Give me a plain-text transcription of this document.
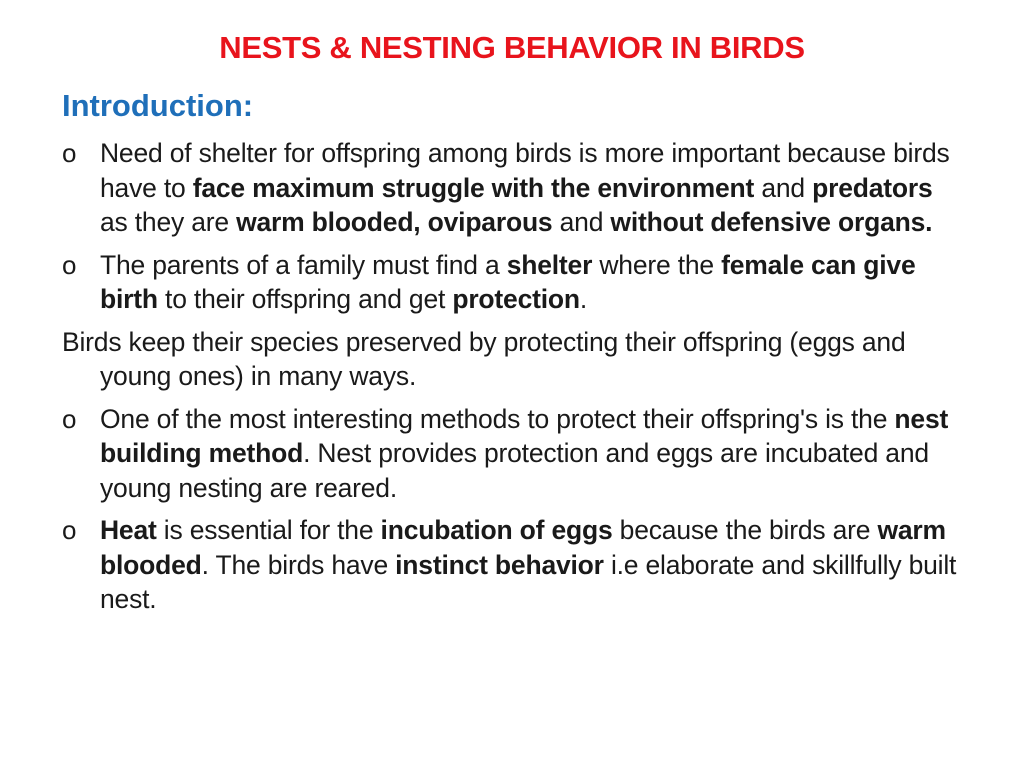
NESTS & NESTING BEHAVIOR IN BIRDS
Introduction:
o Need of shelter for offspring among birds is more important because birds have to face maximum struggle with the environment and predators as they are warm blooded, oviparous and without defensive organs.
o The parents of a family must find a shelter where the female can give birth to their offspring and get protection.
Birds keep their species preserved by protecting their offspring (eggs and young ones) in many ways.
o One of the most interesting methods to protect their offspring's is the nest building method. Nest provides protection and eggs are incubated and young nesting are reared.
o Heat is essential for the incubation of eggs because the birds are warm blooded. The birds have instinct behavior i.e elaborate and skillfully built nest.
